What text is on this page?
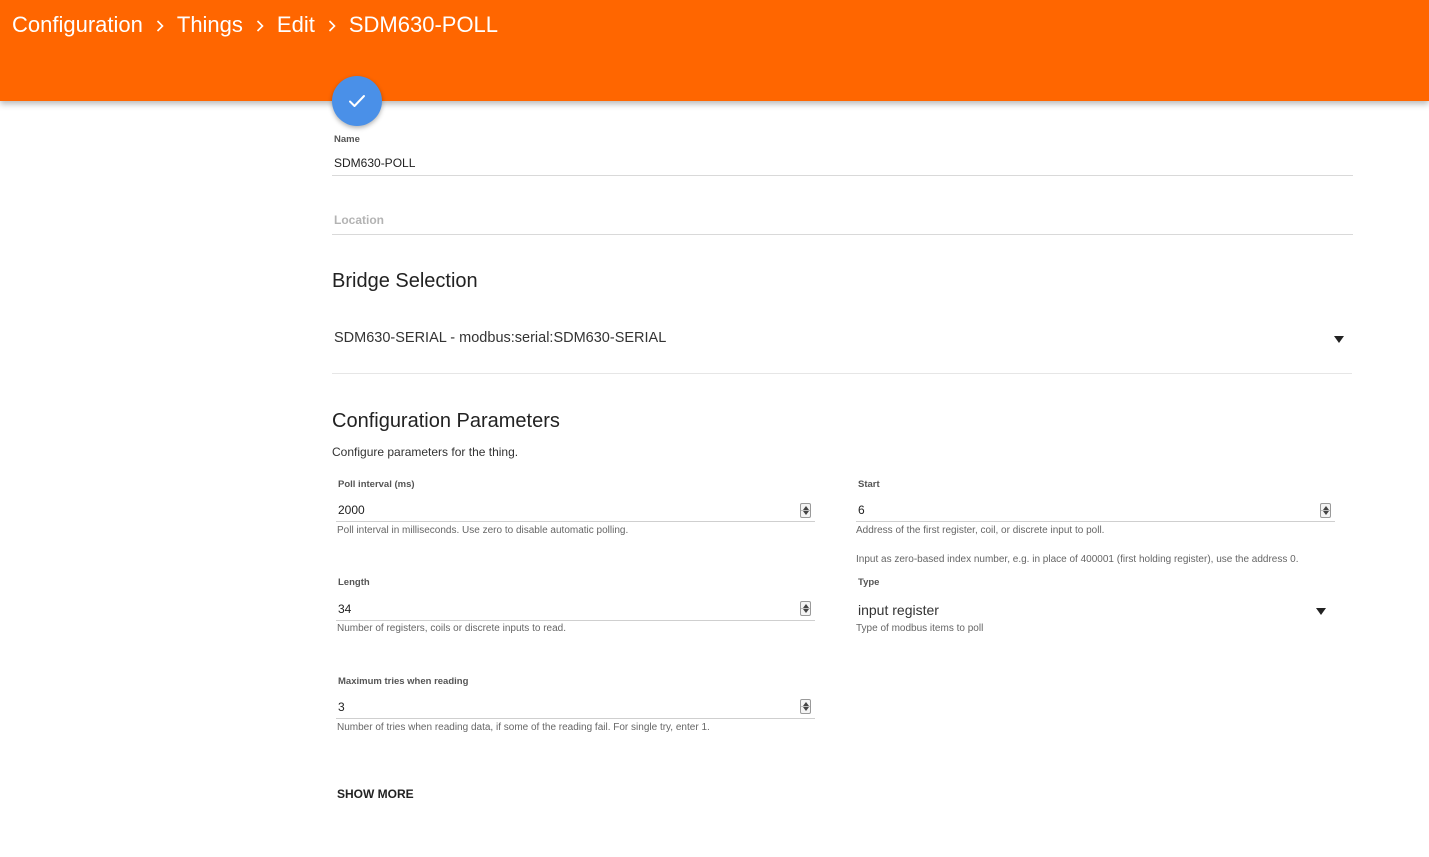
Configuration Things Edit SDM630-POLL
Name
SDM630-POLL
Location
Bridge Selection
SDM630-SERIAL - modbus:serial:SDM630-SERIAL
Configuration Parameters
Configure parameters for the thing.
Poll interval (ms)
2000
Poll interval in milliseconds. Use zero to disable automatic polling.
Start
6
Address of the first register, coil, or discrete input to poll.
Input as zero-based index number, e.g. in place of 400001 (first holding register), use the address 0.
Length
34
Number of registers, coils or discrete inputs to read.
Type
input register
Type of modbus items to poll
Maximum tries when reading
3
Number of tries when reading data, if some of the reading fail. For single try, enter 1.
SHOW MORE
